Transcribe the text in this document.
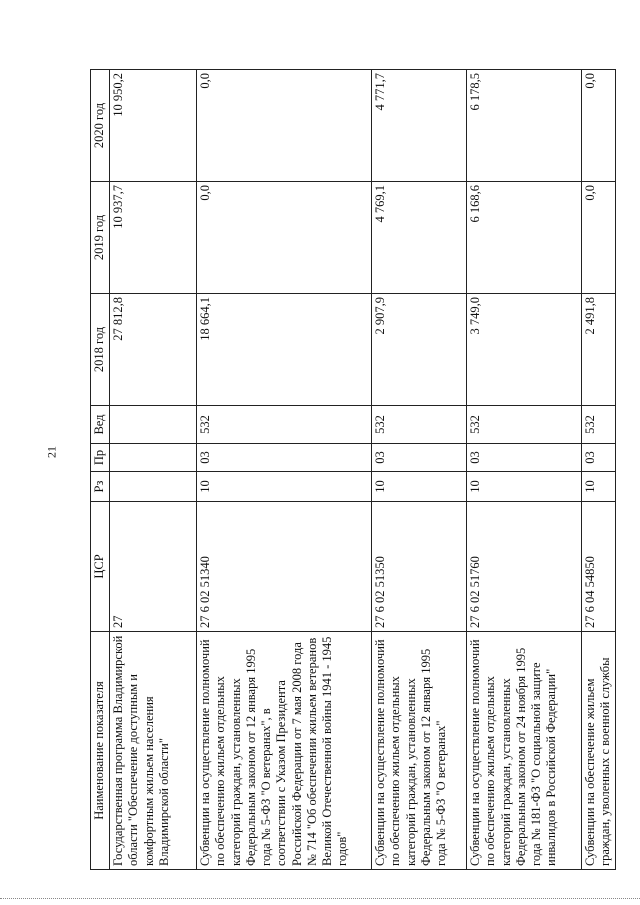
21
Наименование показателя	ЦСР	Рз	Пр	Вед	2018 год	2019 год	2020 год
Государственная программа Владимирской области "Обеспечение доступным и комфортным жильем населения Владимирской области"	27				27 812,8	10 937,7	10 950,2
Субвенции на осуществление полномочий по обеспечению жильем отдельных категорий граждан, установленных Федеральным законом от 12 января 1995 года № 5-ФЗ "О ветеранах", в соответствии с Указом Президента Российской Федерации от 7 мая 2008 года № 714 "Об обеспечении жильем ветеранов Великой Отечественной войны 1941 - 1945 годов"	27 6 02 51340	10	03	532	18 664,1	0,0	0,0
Субвенции на осуществление полномочий по обеспечению жильем отдельных категорий граждан, установленных Федеральным законом от 12 января 1995 года № 5-ФЗ "О ветеранах"	27 6 02 51350	10	03	532	2 907,9	4 769,1	4 771,7
Субвенции на осуществление полномочий по обеспечению жильем отдельных категорий граждан, установленных Федеральным законом от 24 ноября 1995 года № 181-ФЗ "О социальной защите инвалидов в Российской Федерации"	27 6 02 51760	10	03	532	3 749,0	6 168,6	6 178,5
Субвенции на обеспечение жильем граждан, уволенных с военной службы	27 6 04 54850	10	03	532	2 491,8	0,0	0,0
